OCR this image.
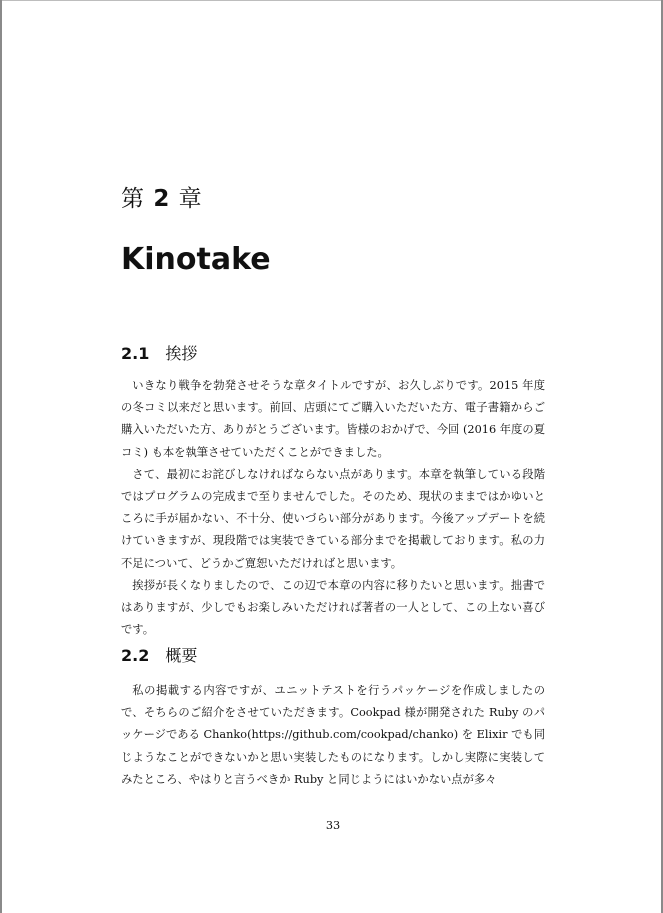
第 2 章
Kinotake
2.1 挨拶

いきなり戦争を勃発させそうな章タイトルですが、お久しぶりです。2015 年度の冬コミ以来だと思います。前回、店頭にてご購入いただいた方、電子書籍からご購入いただいた方、ありがとうございます。皆様のおかげで、今回 (2016 年度の夏コミ) も本を執筆させていただくことができました。

さて、最初にお詫びしなければならない点があります。本章を執筆している段階ではプログラムの完成まで至りませんでした。そのため、現状のままではかゆいところに手が届かない、不十分、使いづらい部分があります。今後アップデートを続けていきますが、現段階では実装できている部分までを掲載しております。私の力不足について、どうかご寛恕いただければと思います。

挨拶が長くなりましたので、この辺で本章の内容に移りたいと思います。拙書ではありますが、少しでもお楽しみいただければ著者の一人として、この上ない喜びです。

2.2 概要

私の掲載する内容ですが、ユニットテストを行うパッケージを作成しましたので、そちらのご紹介をさせていただきます。Cookpad 様が開発された Ruby のパッケージである Chanko(https://github.com/cookpad/chanko) を Elixir でも同じようなことができないかと思い実装したものになります。しかし実際に実装してみたところ、やはりと言うべきか Ruby と同じようにはいかない点が多々

33
